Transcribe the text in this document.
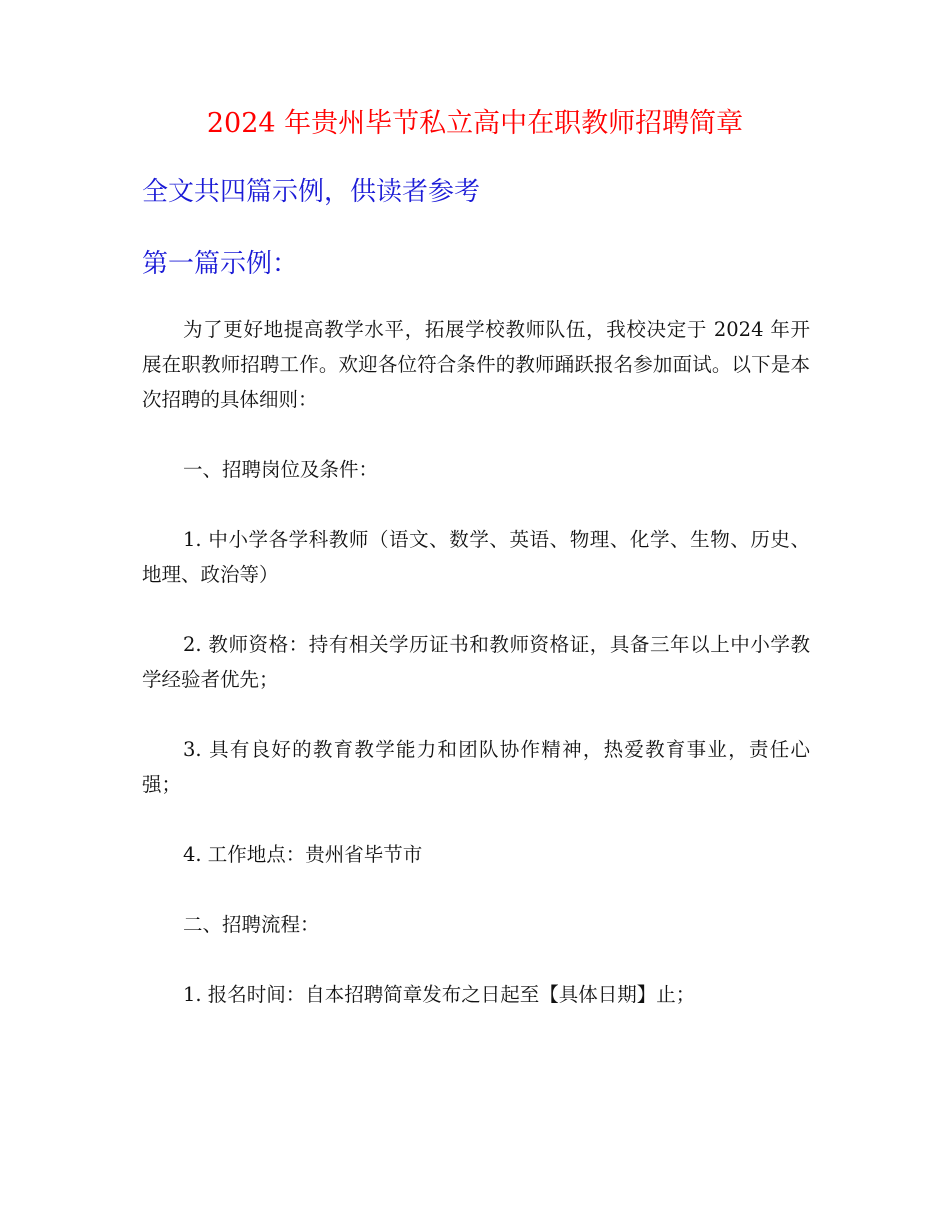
2024 年贵州毕节私立高中在职教师招聘简章
全文共四篇示例，供读者参考
第一篇示例：

为了更好地提高教学水平，拓展学校教师队伍，我校决定于 2024 年开展在职教师招聘工作。欢迎各位符合条件的教师踊跃报名参加面试。以下是本次招聘的具体细则：

一、招聘岗位及条件：

1. 中小学各学科教师（语文、数学、英语、物理、化学、生物、历史、地理、政治等）

2. 教师资格：持有相关学历证书和教师资格证，具备三年以上中小学教学经验者优先；

3. 具有良好的教育教学能力和团队协作精神，热爱教育事业，责任心强；

4. 工作地点：贵州省毕节市

二、招聘流程：

1. 报名时间：自本招聘简章发布之日起至【具体日期】止；
